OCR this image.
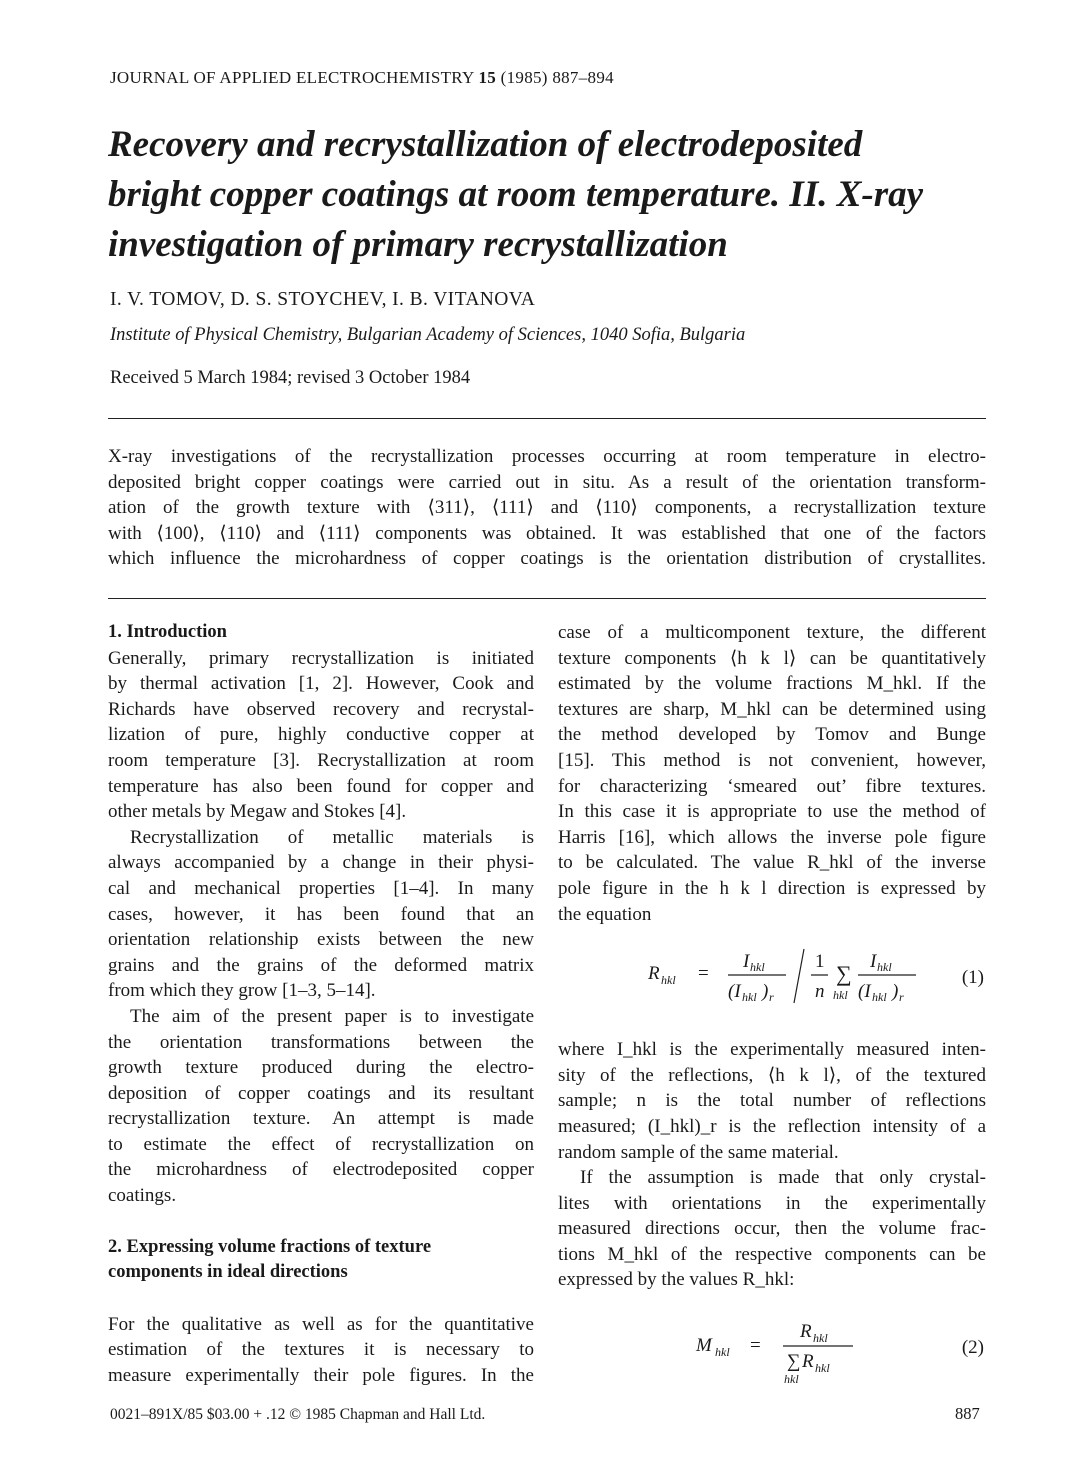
JOURNAL OF APPLIED ELECTROCHEMISTRY 15 (1985) 887–894
Recovery and recrystallization of electrodeposited
bright copper coatings at room temperature. II. X-ray
investigation of primary recrystallization
I. V. TOMOV, D. S. STOYCHEV, I. B. VITANOVA
Institute of Physical Chemistry, Bulgarian Academy of Sciences, 1040 Sofia, Bulgaria
Received 5 March 1984; revised 3 October 1984
X-ray investigations of the recrystallization processes occurring at room temperature in electro-
deposited bright copper coatings were carried out in situ. As a result of the orientation transform-
ation of the growth texture with ⟨311⟩, ⟨111⟩ and ⟨110⟩ components, a recrystallization texture
with ⟨100⟩, ⟨110⟩ and ⟨111⟩ components was obtained. It was established that one of the factors
which influence the microhardness of copper coatings is the orientation distribution of crystallites.
1. Introduction
Generally, primary recrystallization is initiated
by thermal activation [1, 2]. However, Cook and
Richards have observed recovery and recrystal-
lization of pure, highly conductive copper at
room temperature [3]. Recrystallization at room
temperature has also been found for copper and
other metals by Megaw and Stokes [4].
Recrystallization of metallic materials is
always accompanied by a change in their physi-
cal and mechanical properties [1–4]. In many
cases, however, it has been found that an
orientation relationship exists between the new
grains and the grains of the deformed matrix
from which they grow [1–3, 5–14].
The aim of the present paper is to investigate
the orientation transformations between the
growth texture produced during the electro-
deposition of copper coatings and its resultant
recrystallization texture. An attempt is made
to estimate the effect of recrystallization on
the microhardness of electrodeposited copper
coatings.
2. Expressing volume fractions of texture
components in ideal directions
For the qualitative as well as for the quantitative
estimation of the textures it is necessary to
measure experimentally their pole figures. In the
case of a multicomponent texture, the different
texture components ⟨h k l⟩ can be quantitatively
estimated by the volume fractions M_hkl. If the
textures are sharp, M_hkl can be determined using
the method developed by Tomov and Bunge
[15]. This method is not convenient, however,
for characterizing ‘smeared out’ fibre textures.
In this case it is appropriate to use the method of
Harris [16], which allows the inverse pole figure
to be calculated. The value R_hkl of the inverse
pole figure in the h k l direction is expressed by
the equation
R hkl =
I hkl
(I hkl ) r
1
n
∑
hkl
I hkl
(I hkl ) r
(1)
where I_hkl is the experimentally measured inten-
sity of the reflections, ⟨h k l⟩, of the textured
sample; n is the total number of reflections
measured; (I_hkl)_r is the reflection intensity of a
random sample of the same material.
If the assumption is made that only crystal-
lites with orientations in the experimentally
measured directions occur, then the volume frac-
tions M_hkl of the respective components can be
expressed by the values R_hkl:
M hkl =
R hkl
∑ R hkl
hkl
(2)
0021–891X/85 $03.00 + .12 © 1985 Chapman and Hall Ltd.	887
